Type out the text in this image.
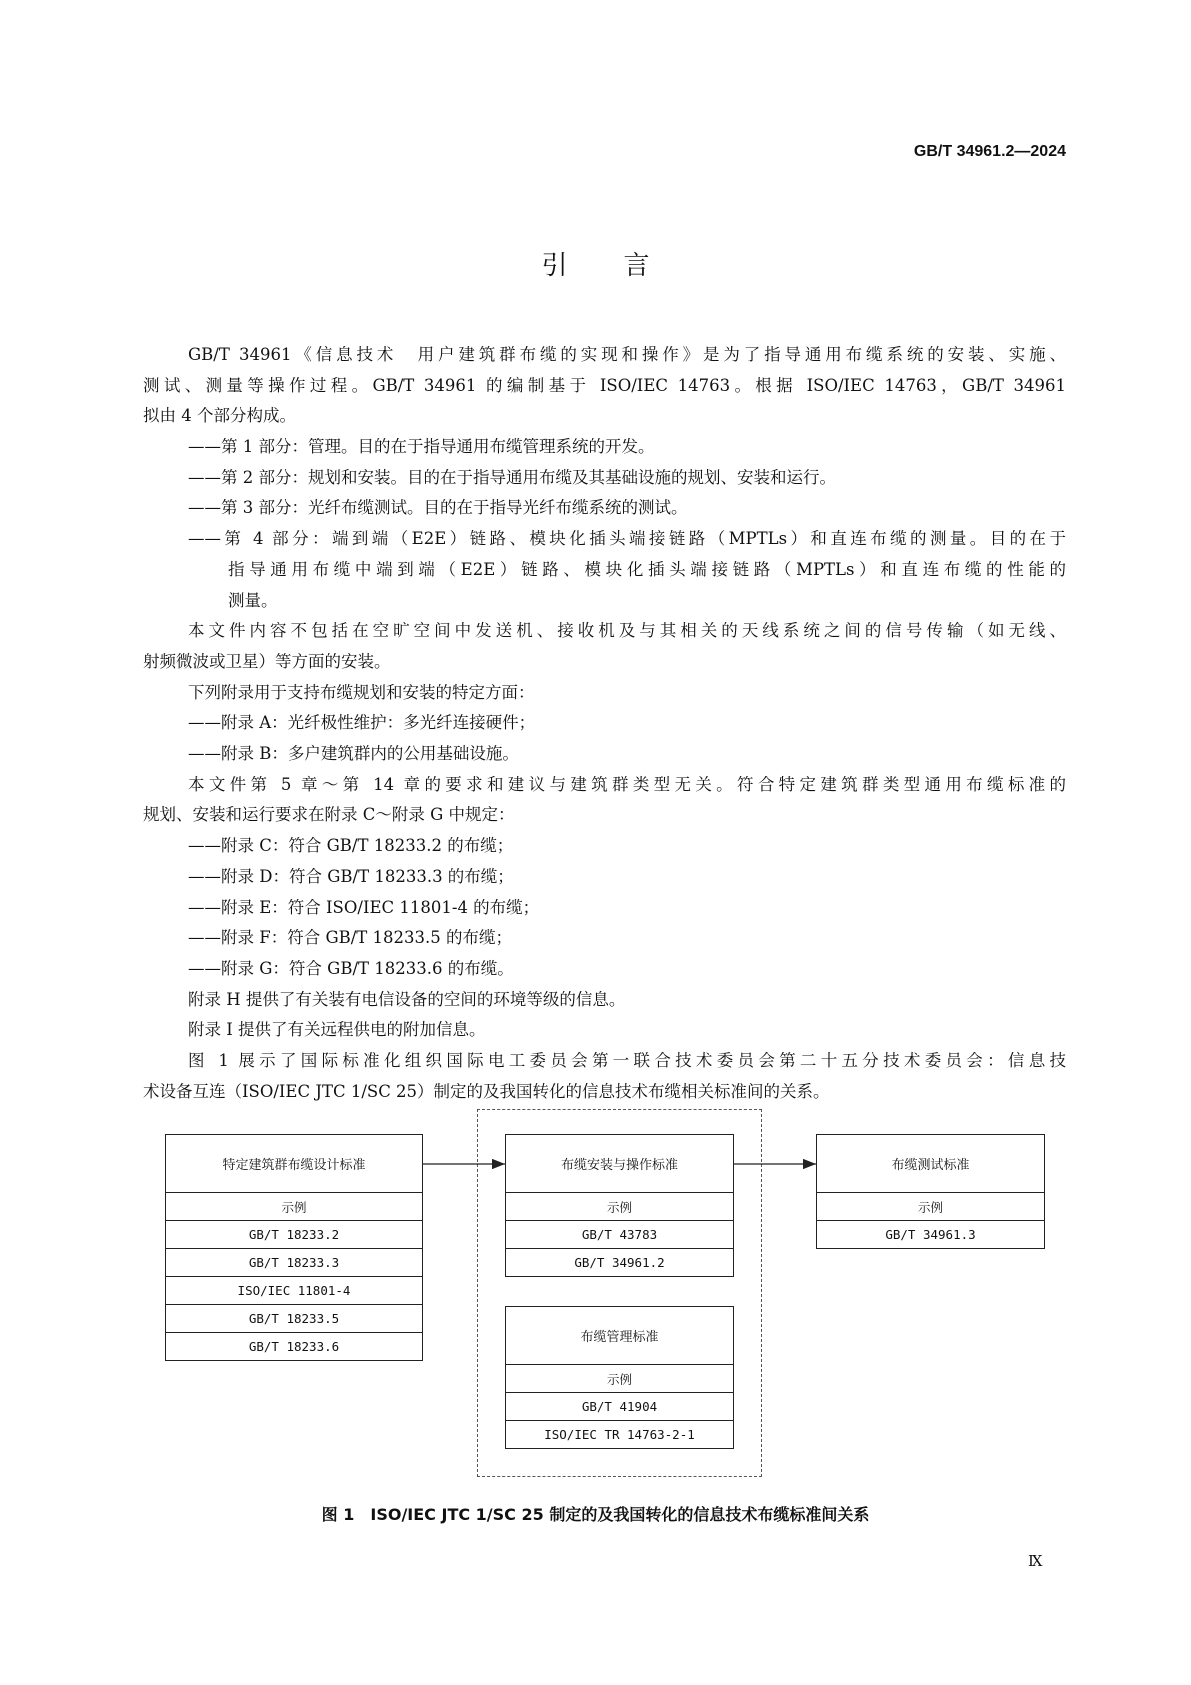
GB/T 34961.2—2024
引言
GB/T 34961《信息技术　用户建筑群布缆的实现和操作》是为了指导通用布缆系统的安装、实施、
测试、测量等操作过程。GB/T 34961 的编制基于 ISO/IEC 14763。根据 ISO/IEC 14763，GB/T 34961
拟由 4 个部分构成。
——第 1 部分：管理。目的在于指导通用布缆管理系统的开发。
——第 2 部分：规划和安装。目的在于指导通用布缆及其基础设施的规划、安装和运行。
——第 3 部分：光纤布缆测试。目的在于指导光纤布缆系统的测试。
——第 4 部分：端到端（E2E）链路、模块化插头端接链路（MPTLs）和直连布缆的测量。目的在于
指导通用布缆中端到端（E2E）链路、模块化插头端接链路（MPTLs）和直连布缆的性能的
测量。
本文件内容不包括在空旷空间中发送机、接收机及与其相关的天线系统之间的信号传输（如无线、
射频微波或卫星）等方面的安装。
下列附录用于支持布缆规划和安装的特定方面：
——附录 A：光纤极性维护：多光纤连接硬件；
——附录 B：多户建筑群内的公用基础设施。
本文件第 5 章～第 14 章的要求和建议与建筑群类型无关。符合特定建筑群类型通用布缆标准的
规划、安装和运行要求在附录 C～附录 G 中规定：
——附录 C：符合 GB/T 18233.2 的布缆；
——附录 D：符合 GB/T 18233.3 的布缆；
——附录 E：符合 ISO/IEC 11801-4 的布缆；
——附录 F：符合 GB/T 18233.5 的布缆；
——附录 G：符合 GB/T 18233.6 的布缆。
附录 H 提供了有关装有电信设备的空间的环境等级的信息。
附录 I 提供了有关远程供电的附加信息。
图 1 展示了国际标准化组织国际电工委员会第一联合技术委员会第二十五分技术委员会：信息技
术设备互连（ISO/IEC JTC 1/SC 25）制定的及我国转化的信息技术布缆相关标准间的关系。
特定建筑群布缆设计标准
示例
GB/T 18233.2
GB/T 18233.3
ISO/IEC 11801-4
GB/T 18233.5
GB/T 18233.6
布缆安装与操作标准
示例
GB/T 43783
GB/T 34961.2
布缆管理标准
示例
GB/T 41904
ISO/IEC TR 14763-2-1
布缆测试标准
示例
GB/T 34961.3
图 1　ISO/IEC JTC 1/SC 25 制定的及我国转化的信息技术布缆标准间关系
Ⅸ
